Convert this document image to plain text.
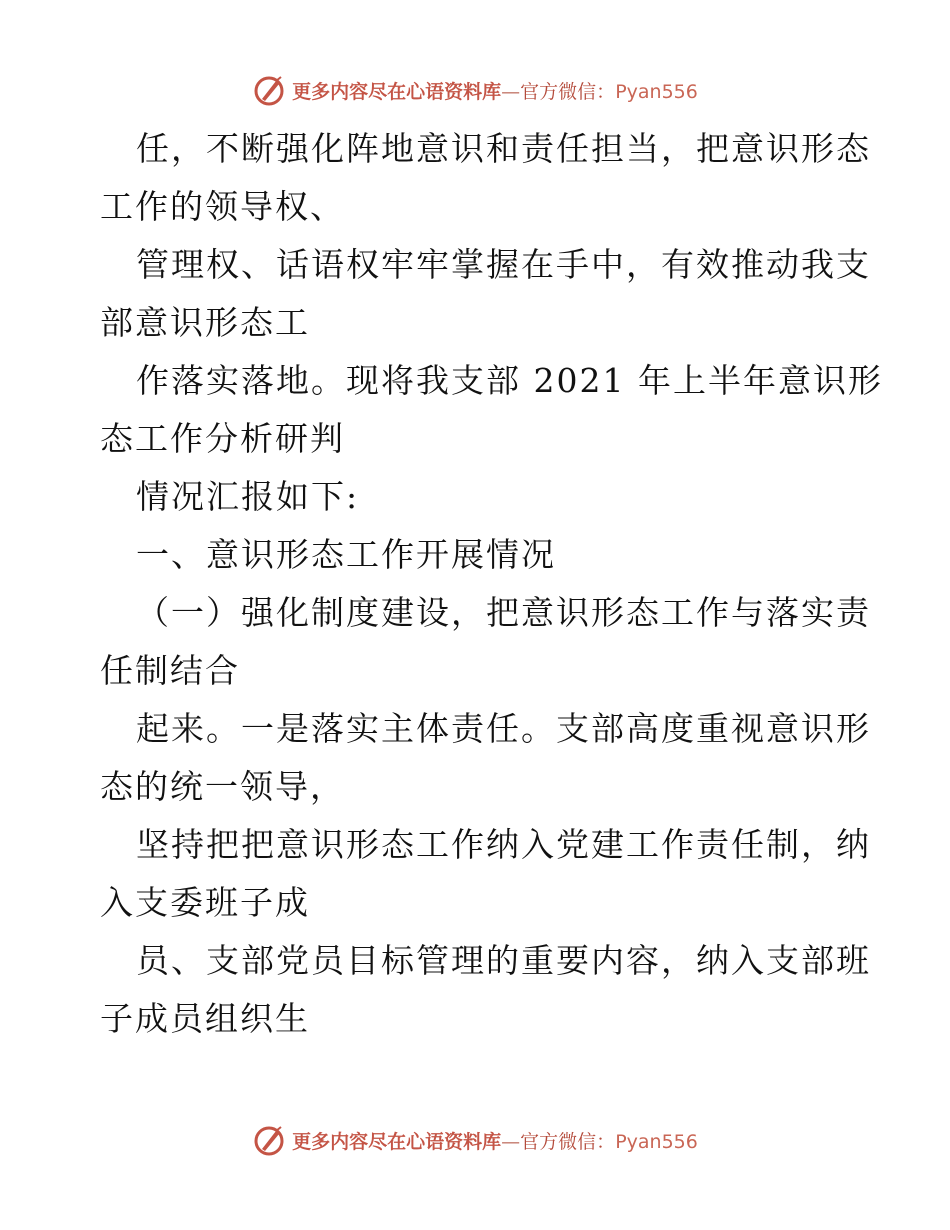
更多内容尽在心语资料库—官方微信：Pyan556
任，不断强化阵地意识和责任担当，把意识形态
工作的领导权、
管理权、话语权牢牢掌握在手中，有效推动我支
部意识形态工
作落实落地。现将我支部 2021 年上半年意识形
态工作分析研判
情况汇报如下:
一、意识形态工作开展情况
（一）强化制度建设，把意识形态工作与落实责
任制结合
起来。一是落实主体责任。支部高度重视意识形
态的统一领导，
坚持把把意识形态工作纳入党建工作责任制，纳
入支委班子成
员、支部党员目标管理的重要内容，纳入支部班
子成员组织生
更多内容尽在心语资料库—官方微信：Pyan556
